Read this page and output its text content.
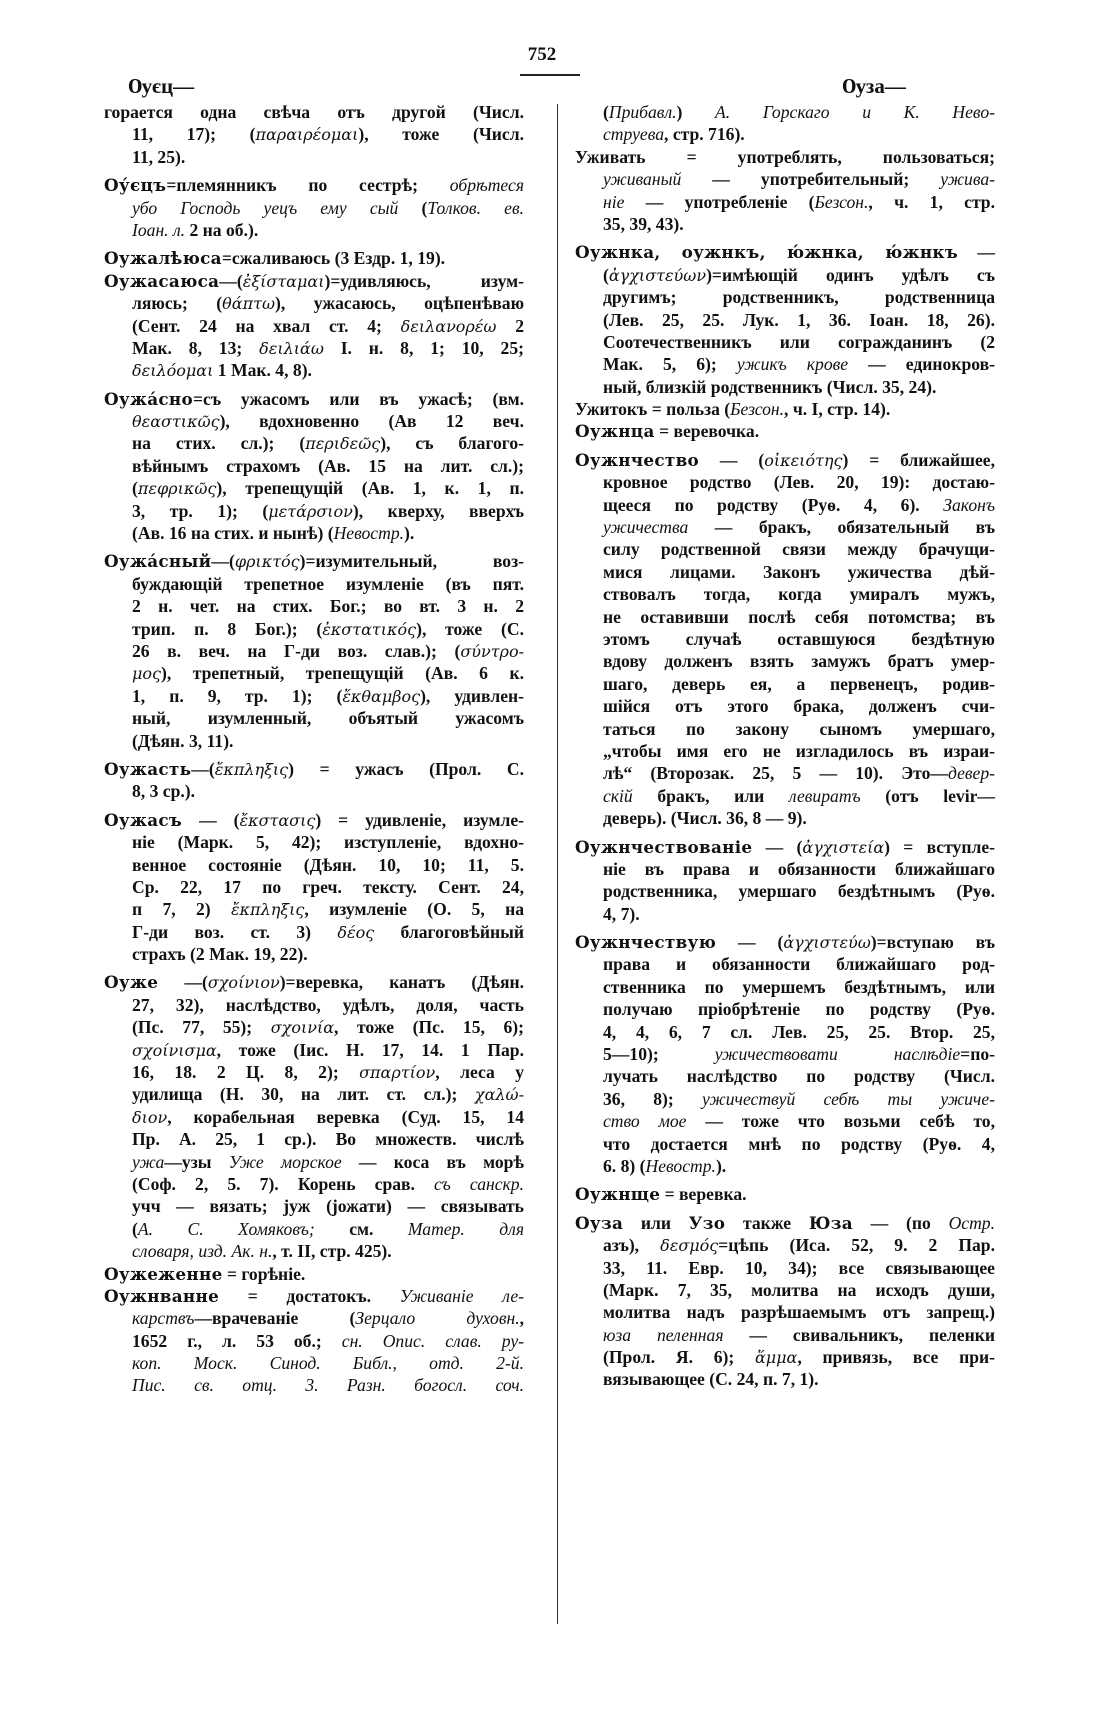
752
Ѹєц—	Ѹза—
горается одна свѣча отъ другой (Числ.
11, 17); (παραιρέομαι), тоже (Числ.
11, 25).
Оу́єцъ=племянникъ по сестрѣ; обрѣтеся
убо Господь уецъ ему сый (Толков. ев.
Іоан. л. 2 на об.).
Оужалѣюса=сжаливаюсь (3 Ездр. 1, 19).
Оужасаюса—(ἐξίσταμαι)=удивляюсь, изум-
ляюсь; (θάπτω), ужасаюсь, оцѣпенѣваю
(Сент. 24 на хвал ст. 4; δειλανορέω 2
Мак. 8, 13; δειλιάω І. н. 8, 1; 10, 25;
δειλόομαι 1 Мак. 4, 8).
Оужа́сно=съ ужасомъ или въ ужасѣ; (вм.
θεαστικῶς), вдохновенно (Ав 12 веч.
на стих. сл.); (περιδεῶς), съ благого-
вѣйнымъ страхомъ (Ав. 15 на лит. сл.);
(πεφρικῶς), трепещущій (Ав. 1, к. 1, п.
3, тр. 1); (μετάρσιον), кверху, вверхъ
(Ав. 16 на стих. и нынѣ) (Невостр.).
Оужа́сный—(φρικτός)=изумительный, воз-
буждающій трепетное изумленіе (въ пят.
2 н. чет. на стих. Бог.; во вт. 3 н. 2
трип. п. 8 Бог.); (ἐκστατικός), тоже (С.
26 в. веч. на Г-ди воз. слав.); (σύντρο-
μος), трепетный, трепещущій (Ав. 6 к.
1, п. 9, тр. 1); (ἔκθαμβος), удивлен-
ный, изумленный, объятый ужасомъ
(Дѣян. 3, 11).
Оужасть—(ἔκπληξις) = ужасъ (Прол. С.
8, 3 ср.).
Оужасъ — (ἔκστασις) = удивленіе, изумле-
ніе (Марк. 5, 42); изступленіе, вдохно-
венное состояніе (Дѣян. 10, 10; 11, 5.
Ср. 22, 17 по греч. тексту. Сент. 24,
п 7, 2) ἔκπληξις, изумленіе (О. 5, на
Г-ди воз. ст. 3) δέος благоговѣйный
страхъ (2 Мак. 19, 22).
Оуже —(σχοίνιον)=веревка, канатъ (Дѣян.
27, 32), наслѣдство, удѣлъ, доля, часть
(Пс. 77, 55); σχοινία, тоже (Пс. 15, 6);
σχοίνισμα, тоже (Іис. Н. 17, 14. 1 Пар.
16, 18. 2 Ц. 8, 2); σπαρτίον, леса у
удилища (Н. 30, на лит. ст. сл.); χαλώ-
διον, корабельная веревка (Суд. 15, 14
Пр. А. 25, 1 ср.). Во множеств. числѣ
ужа—узы Уже морское — коса въ морѣ
(Соф. 2, 5. 7). Корень срав. съ санскр.
учч — вязать; јуж (јожати) — связывать
(А. С. Хомяковъ; см. Матер. для
словаря, изд. Ак. н., т. II, стр. 425).
Оужеженне = горѣніе.
Оужнванне = достатокъ. Уживаніе ле-
карствъ—врачеваніе (Зерцало духовн.,
1652 г., л. 53 об.; сн. Опис. слав. ру-
коп. Моск. Синод. Библ., отд. 2-й.
Пис. св. отц. 3. Разн. богосл. соч.
(Прибавл.) А. Горскаго и К. Нево-
струева, стр. 716).
Уживать = употреблять, пользоваться;
уживаный — употребительный; ужива-
ніе — употребленіе (Безсон., ч. 1, стр.
35, 39, 43).
Оужнка, оужнкъ, ю́жнка, ю́жнкъ —
(ἀγχιστεύων)=имѣющій одинъ удѣлъ съ
другимъ; родственникъ, родственница
(Лев. 25, 25. Лук. 1, 36. Іоан. 18, 26).
Соотечественникъ или согражданинъ (2
Мак. 5, 6); ужикъ крове — единокров-
ный, близкій родственникъ (Числ. 35, 24).
Ужитокъ = польза (Безсон., ч. I, стр. 14).
Оужнца = веревочка.
Оужнчество — (οἰκειότης) = ближайшее,
кровное родство (Лев. 20, 19): достаю-
щееся по родству (Руѳ. 4, 6). Законъ
ужичества — бракъ, обязательный въ
силу родственной связи между брачущи-
мися лицами. Законъ ужичества дѣй-
ствовалъ тогда, когда умиралъ мужъ,
не оставивши послѣ себя потомства; въ
этомъ случаѣ оставшуюся бездѣтную
вдову долженъ взять замужъ братъ умер-
шаго, деверь ея, а первенецъ, родив-
шійся отъ этого брака, долженъ счи-
таться по закону сыномъ умершаго,
„чтобы имя его не изгладилось въ израи-
лѣ“ (Второзак. 25, 5 — 10). Это—девер-
скій бракъ, или левиратъ (отъ levir—
деверь). (Числ. 36, 8 — 9).
Оужнчествованіе — (ἀγχιστεία) = вступле-
ніе въ права и обязанности ближайшаго
родственника, умершаго бездѣтнымъ (Руѳ.
4, 7).
Оужнчествую — (ἀγχιστεύω)=вступаю въ
права и обязанности ближайшаго род-
ственника по умершемъ бездѣтнымъ, или
получаю пріобрѣтеніе по родству (Руѳ.
4, 4, 6, 7 сл. Лев. 25, 25. Втор. 25,
5—10); ужичествовати наслѣдіе=по-
лучать наслѣдство по родству (Числ.
36, 8); ужичествуй себѣ ты ужиче-
ство мое — тоже что возьми себѣ то,
что достается мнѣ по родству (Руѳ. 4,
6. 8) (Невостр.).
Оужнще = веревка.
Оуза или Узо также Юза — (по Остр.
азъ), δεσμός=цѣпь (Иса. 52, 9. 2 Пар.
33, 11. Евр. 10, 34); все связывающее
(Марк. 7, 35, молитва на исходъ души,
молитва надъ разрѣшаемымъ отъ запрещ.)
юза пеленная — свивальникъ, пеленки
(Прол. Я. 6); ἅμμα, привязь, все при-
вязывающее (С. 24, п. 7, 1).
